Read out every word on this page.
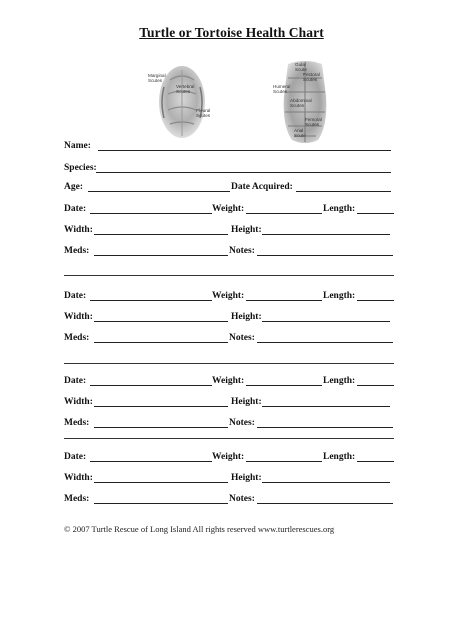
Turtle or Tortoise Health Chart
Marginal
Scutes
Vertebral
Scutes
Pleural
Scutes
Gular
Scute
Pectoral
Scutes
Humeral
Scutes
Abdominal
Scutes
Femoral
Scutes
Anal
Scute
Name:
Species:
Age:	Date Acquired:
Date:	Weight:	Length:
Width:	Height:
Meds:	Notes:
Date:	Weight:	Length:
Width:	Height:
Meds:	Notes:
Date:	Weight:	Length:
Width:	Height:
Meds:	Notes:
Date:	Weight:	Length:
Width:	Height:
Meds:	Notes:
© 2007 Turtle Rescue of Long Island All rights reserved www.turtlerescues.org
